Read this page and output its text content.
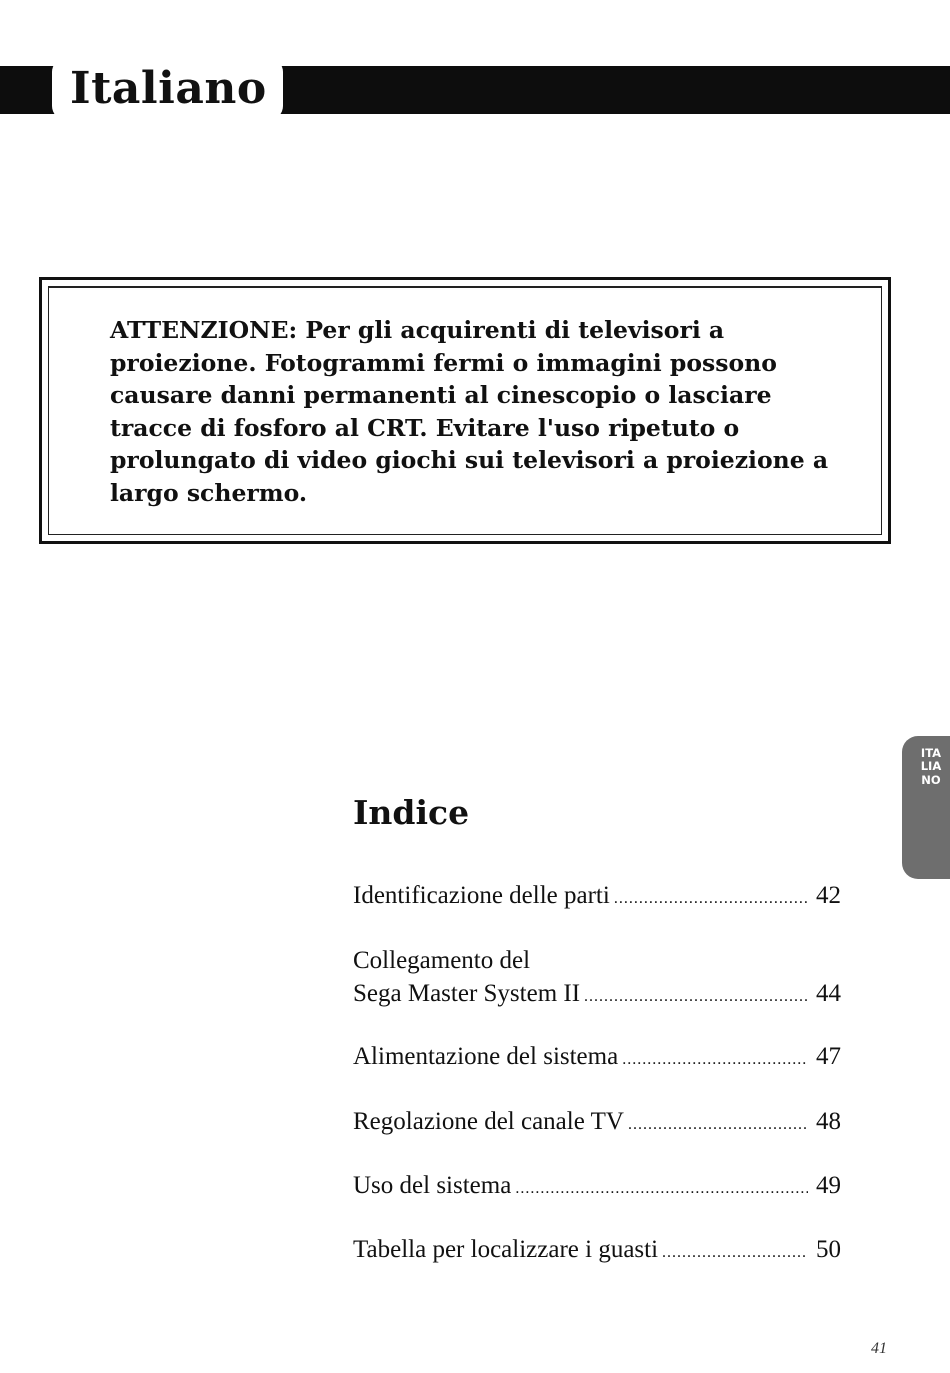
Italiano

ATTENZIONE: Per gli acquirenti di televisori a proiezione. Fotogrammi fermi o immagini possono causare danni permanenti al cinescopio o lasciare tracce di fosforo al CRT. Evitare l'uso ripetuto o prolungato di video giochi sui televisori a proiezione a largo schermo.

ITALIANO
Indice
Identificazione delle parti .....	42
Collegamento del
Sega Master System II .....	44
Alimentazione del sistema .....	47
Regolazione del canale TV .....	48
Uso del sistema .....	49
Tabella per localizzare i guasti .....	50
41
